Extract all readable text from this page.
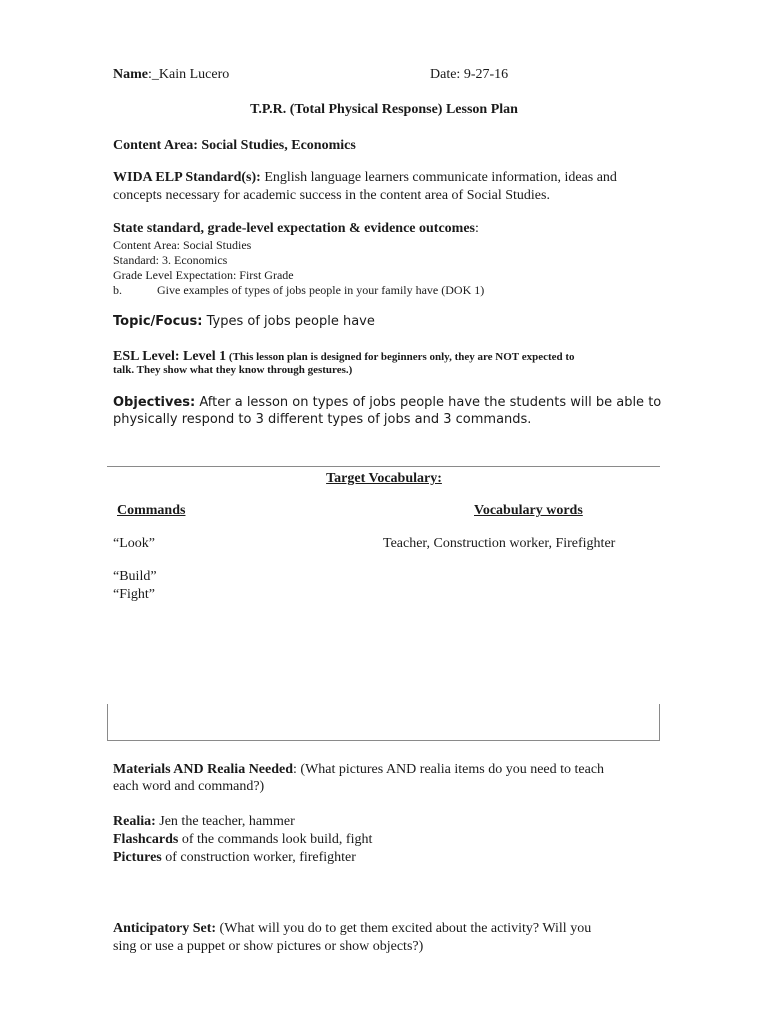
Name:_Kain Lucero	Date: 9-27-16
T.P.R. (Total Physical Response) Lesson Plan
Content Area: Social Studies, Economics
WIDA ELP Standard(s): English language learners communicate information, ideas and
concepts necessary for academic success in the content area of Social Studies.
State standard, grade-level expectation & evidence outcomes:
Content Area: Social Studies
Standard: 3. Economics
Grade Level Expectation: First Grade
b.	Give examples of types of jobs people in your family have (DOK 1)
Topic/Focus: Types of jobs people have
ESL Level: Level 1 (This lesson plan is designed for beginners only, they are NOT expected to
talk. They show what they know through gestures.)
Objectives: After a lesson on types of jobs people have the students will be able to
physically respond to 3 different types of jobs and 3 commands.
Target Vocabulary:
Commands	Vocabulary words
“Look”	Teacher, Construction worker, Firefighter
“Build”
“Fight”
Materials AND Realia Needed: (What pictures AND realia items do you need to teach
each word and command?)
Realia: Jen the teacher, hammer
Flashcards of the commands look build, fight
Pictures of construction worker, firefighter
Anticipatory Set: (What will you do to get them excited about the activity? Will you
sing or use a puppet or show pictures or show objects?)
